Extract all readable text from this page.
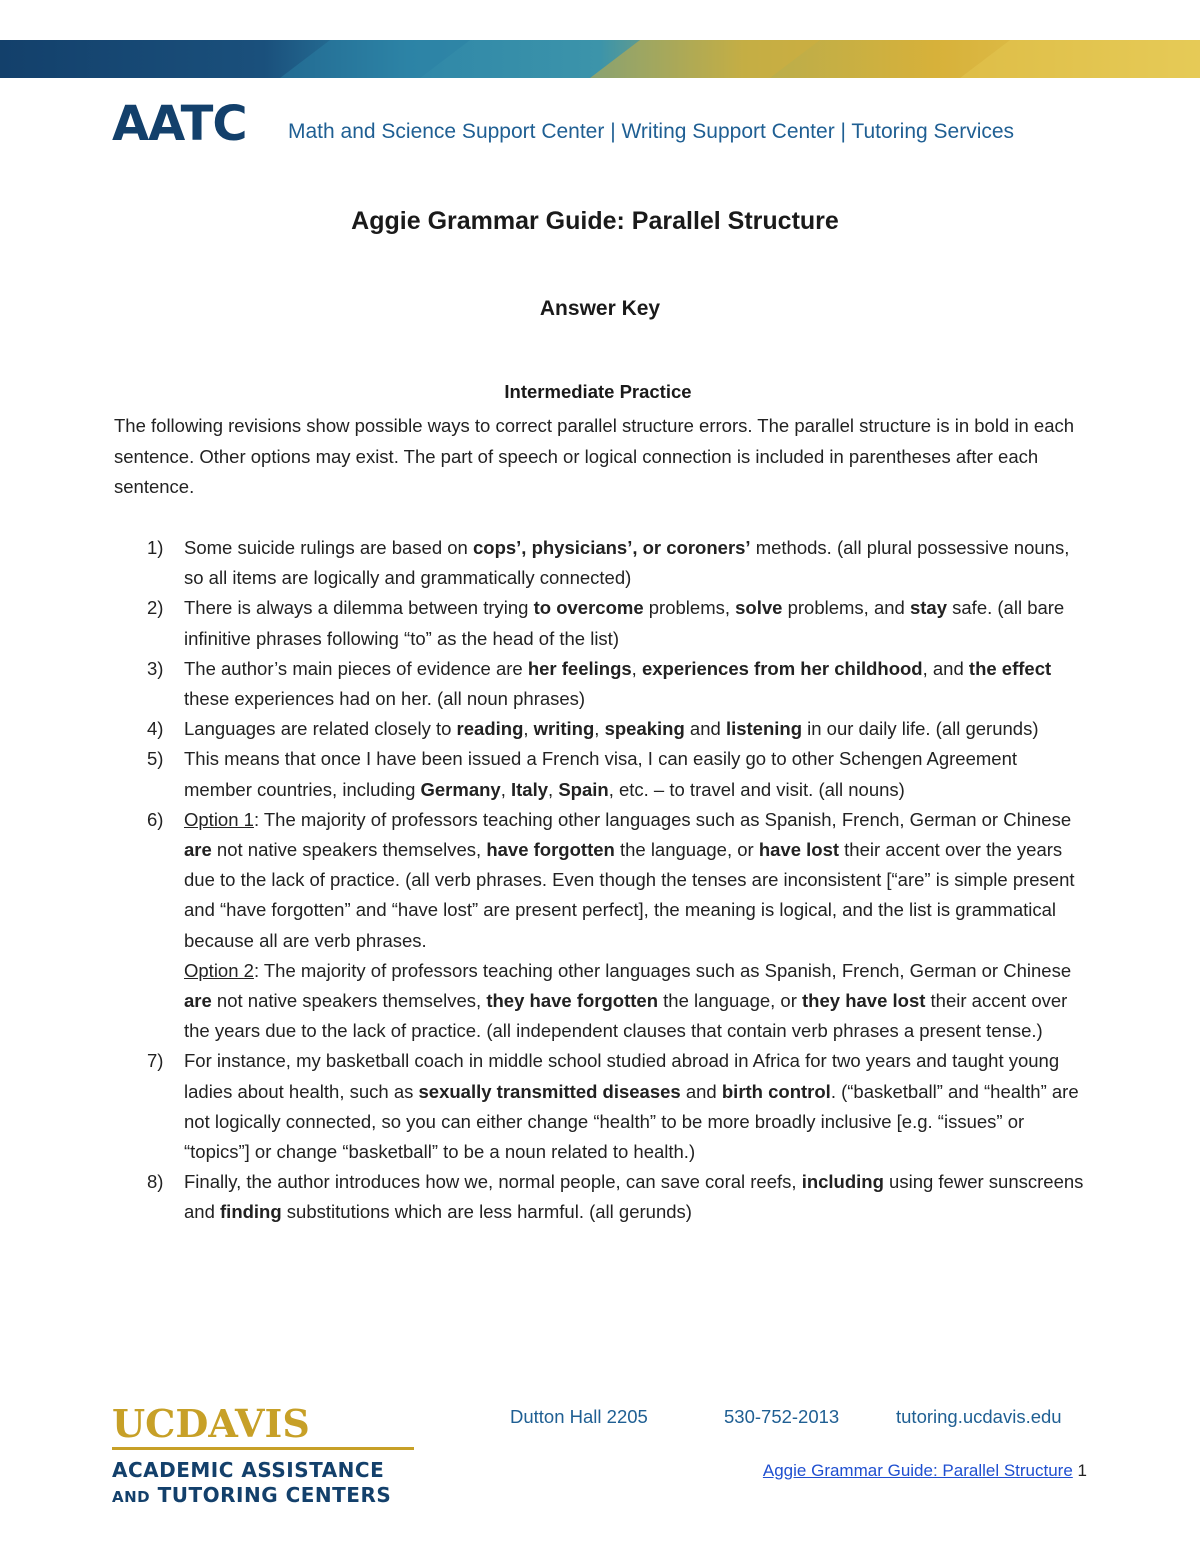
AATC Math and Science Support Center | Writing Support Center | Tutoring Services
Aggie Grammar Guide: Parallel Structure
Answer Key
Intermediate Practice

The following revisions show possible ways to correct parallel structure errors. The parallel structure is in bold in each sentence. Other options may exist. The part of speech or logical connection is included in parentheses after each sentence.

1) Some suicide rulings are based on cops’, physicians’, or coroners’ methods. (all plural possessive nouns, so all items are logically and grammatically connected)
2) There is always a dilemma between trying to overcome problems, solve problems, and stay safe. (all bare infinitive phrases following “to” as the head of the list)
3) The author’s main pieces of evidence are her feelings, experiences from her childhood, and the effect these experiences had on her. (all noun phrases)
4) Languages are related closely to reading, writing, speaking and listening in our daily life. (all gerunds)
5) This means that once I have been issued a French visa, I can easily go to other Schengen Agreement member countries, including Germany, Italy, Spain, etc. – to travel and visit. (all nouns)
6) Option 1: The majority of professors teaching other languages such as Spanish, French, German or Chinese are not native speakers themselves, have forgotten the language, or have lost their accent over the years due to the lack of practice. (all verb phrases. Even though the tenses are inconsistent [“are” is simple present and “have forgotten” and “have lost” are present perfect], the meaning is logical, and the list is grammatical because all are verb phrases.
Option 2: The majority of professors teaching other languages such as Spanish, French, German or Chinese are not native speakers themselves, they have forgotten the language, or they have lost their accent over the years due to the lack of practice. (all independent clauses that contain verb phrases a present tense.)
7) For instance, my basketball coach in middle school studied abroad in Africa for two years and taught young ladies about health, such as sexually transmitted diseases and birth control. (“basketball” and “health” are not logically connected, so you can either change “health” to be more broadly inclusive [e.g. “issues” or “topics”] or change “basketball” to be a noun related to health.)
8) Finally, the author introduces how we, normal people, can save coral reefs, including using fewer sunscreens and finding substitutions which are less harmful. (all gerunds)
UCDAVIS
ACADEMIC ASSISTANCE
AND TUTORING CENTERS
Dutton Hall 2205	530-752-2013	tutoring.ucdavis.edu
Aggie Grammar Guide: Parallel Structure 1
